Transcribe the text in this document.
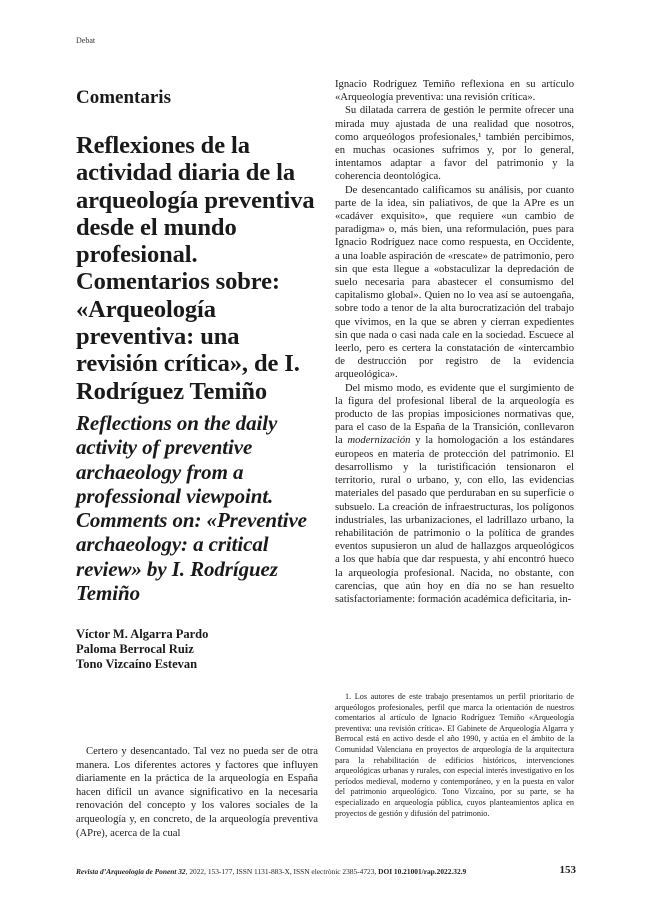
Debat
Comentaris
Reflexiones de la actividad diaria de la arqueología preventiva desde el mundo profesional. Comentarios sobre: «Arqueología preventiva: una revisión crítica», de I. Rodríguez Temiño
Reflections on the daily activity of preventive archaeology from a professional viewpoint. Comments on: «Preventive archaeology: a critical review» by I. Rodríguez Temiño
Víctor M. Algarra Pardo
Paloma Berrocal Ruiz
Tono Vizcaíno Estevan

Certero y desencantado. Tal vez no pueda ser de otra manera. Los diferentes actores y factores que influyen diariamente en la práctica de la arqueología en España hacen difícil un avance significativo en la necesaria renovación del concepto y los valores sociales de la arqueología y, en concreto, de la arqueología preventiva (APre), acerca de la cual

Ignacio Rodríguez Temiño reflexiona en su artículo «Arqueología preventiva: una revisión crítica».

Su dilatada carrera de gestión le permite ofrecer una mirada muy ajustada de una realidad que nosotros, como arqueólogos profesionales,¹ también percibimos, en muchas ocasiones sufrimos y, por lo general, intentamos adaptar a favor del patrimonio y la coherencia deontológica.

De desencantado calificamos su análisis, por cuanto parte de la idea, sin paliativos, de que la APre es un «cadáver exquisito», que requiere «un cambio de paradigma» o, más bien, una reformulación, pues para Ignacio Rodríguez nace como respuesta, en Occidente, a una loable aspiración de «rescate» de patrimonio, pero sin que esta llegue a «obstaculizar la depredación de suelo necesaria para abastecer el consumismo del capitalismo global». Quien no lo vea así se autoengaña, sobre todo a tenor de la alta burocratización del trabajo que vivimos, en la que se abren y cierran expedientes sin que nada o casi nada cale en la sociedad. Escuece al leerlo, pero es certera la constatación de «intercambio de destrucción por registro de la evidencia arqueológica».

Del mismo modo, es evidente que el surgimiento de la figura del profesional liberal de la arqueología es producto de las propias imposiciones normativas que, para el caso de la España de la Transición, conllevaron la modernización y la homologación a los estándares europeos en materia de protección del patrimonio. El desarrollismo y la turistificación tensionaron el territorio, rural o urbano, y, con ello, las evidencias materiales del pasado que perduraban en su superficie o subsuelo. La creación de infraestructuras, los polígonos industriales, las urbanizaciones, el ladrillazo urbano, la rehabilitación de patrimonio o la política de grandes eventos supusieron un alud de hallazgos arqueológicos a los que había que dar respuesta, y ahí encontró hueco la arqueología profesional. Nacida, no obstante, con carencias, que aún hoy en día no se han resuelto satisfactoriamente: formación académica deficitaria, in-

1. Los autores de este trabajo presentamos un perfil prioritario de arqueólogos profesionales, perfil que marca la orientación de nuestros comentarios al artículo de Ignacio Rodríguez Temiño «Arqueología preventiva: una revisión crítica». El Gabinete de Arqueología Algarra y Berrocal está en activo desde el año 1990, y actúa en el ámbito de la Comunidad Valenciana en proyectos de arqueología de la arquitectura para la rehabilitación de edificios históricos, intervenciones arqueológicas urbanas y rurales, con especial interés investigativo en los períodos medieval, moderno y contemporáneo, y en la puesta en valor del patrimonio arqueológico. Tono Vizcaíno, por su parte, se ha especializado en arqueología pública, cuyos planteamientos aplica en proyectos de gestión y difusión del patrimonio.

Revista d’Arqueologia de Ponent 32, 2022, 153-177, ISSN 1131-883-X, ISSN electrònic 2385-4723, DOI 10.21001/rap.2022.32.9	153
